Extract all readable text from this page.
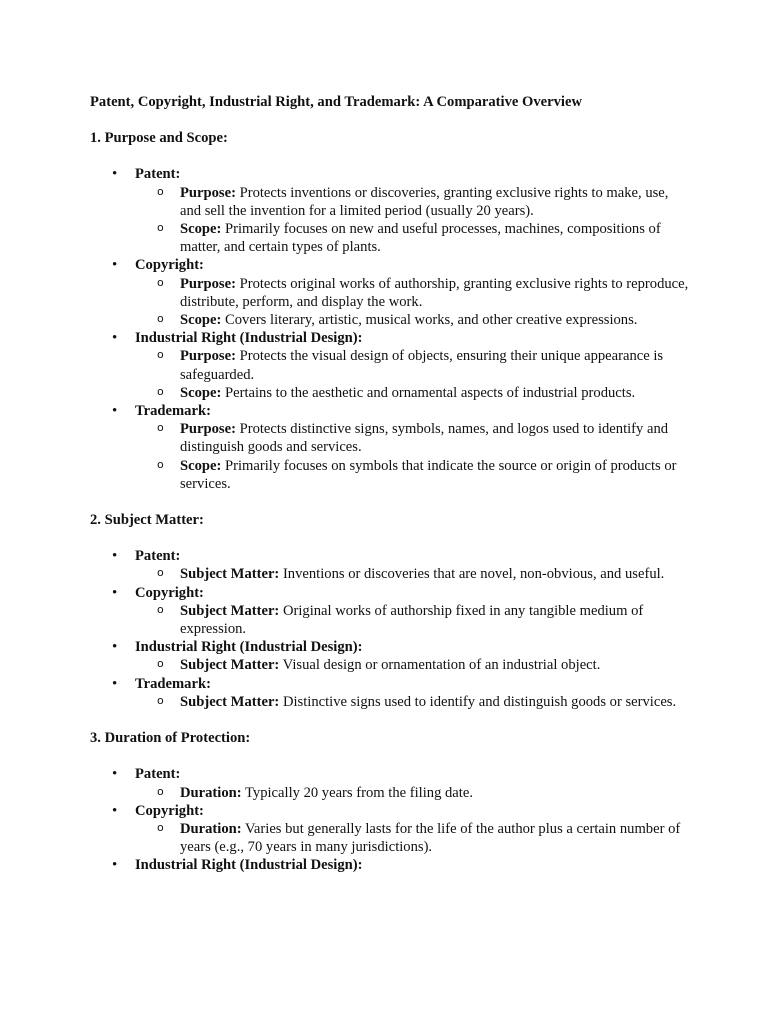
Patent, Copyright, Industrial Right, and Trademark: A Comparative Overview
1. Purpose and Scope:
• Patent:
o Purpose: Protects inventions or discoveries, granting exclusive rights to make, use, and sell the invention for a limited period (usually 20 years).
o Scope: Primarily focuses on new and useful processes, machines, compositions of matter, and certain types of plants.
• Copyright:
o Purpose: Protects original works of authorship, granting exclusive rights to reproduce, distribute, perform, and display the work.
o Scope: Covers literary, artistic, musical works, and other creative expressions.
• Industrial Right (Industrial Design):
o Purpose: Protects the visual design of objects, ensuring their unique appearance is safeguarded.
o Scope: Pertains to the aesthetic and ornamental aspects of industrial products.
• Trademark:
o Purpose: Protects distinctive signs, symbols, names, and logos used to identify and distinguish goods and services.
o Scope: Primarily focuses on symbols that indicate the source or origin of products or services.
2. Subject Matter:
• Patent:
o Subject Matter: Inventions or discoveries that are novel, non-obvious, and useful.
• Copyright:
o Subject Matter: Original works of authorship fixed in any tangible medium of expression.
• Industrial Right (Industrial Design):
o Subject Matter: Visual design or ornamentation of an industrial object.
• Trademark:
o Subject Matter: Distinctive signs used to identify and distinguish goods or services.
3. Duration of Protection:
• Patent:
o Duration: Typically 20 years from the filing date.
• Copyright:
o Duration: Varies but generally lasts for the life of the author plus a certain number of years (e.g., 70 years in many jurisdictions).
• Industrial Right (Industrial Design):
